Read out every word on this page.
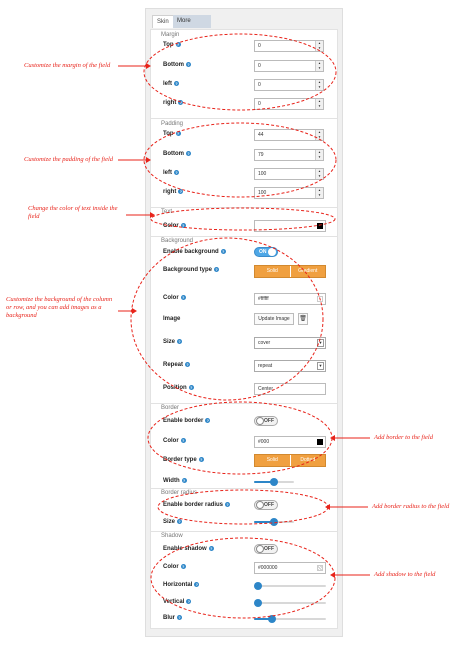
Skin	More
Margin
Top ?	0	▲
▼
Bottom ?	0	▲
▼
left ?	0	▲
▼
right ?	0	▲
▼
Padding
Top ?	44	▲
▼
Bottom ?	79	▲
▼
left ?	100	▲
▼
right ?	100	▲
▼
Text
Color ?
Background
Enable background ?	ON
Background type ?	Solid	Gradient
Color ?	#ffffff
Image	Update Image	🗑
Size ?	cover	▼
Repeat ?	repeat	▼
Position ?	Center
Border
Enable border ?	OFF
Color ?	#000
Border type ?	Solid	Dotted
Width ?
Border radius
Enable border radius ?	OFF
Size ?
Shadow
Enable shadow ?	OFF
Color ?	#000000
Horizontal ?
Vertical ?
Blur ?
Customize the margin of the field
Customize the padding of the field
Change the color of text inside the field
Customize the background of the column or row, and you can add images as a background
Add border to the field
Add border radius to the field
Add shadow to the field
